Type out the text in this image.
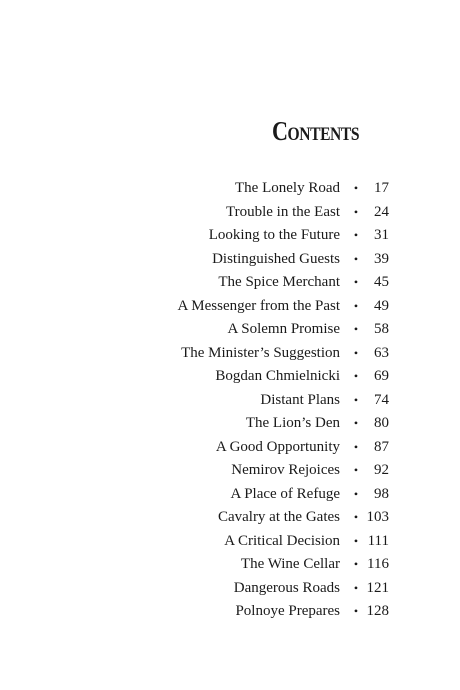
Contents
The Lonely Road • 17
Trouble in the East • 24
Looking to the Future • 31
Distinguished Guests • 39
The Spice Merchant • 45
A Messenger from the Past • 49
A Solemn Promise • 58
The Minister’s Suggestion • 63
Bogdan Chmielnicki • 69
Distant Plans • 74
The Lion’s Den • 80
A Good Opportunity • 87
Nemirov Rejoices • 92
A Place of Refuge • 98
Cavalry at the Gates • 103
A Critical Decision • 111
The Wine Cellar • 116
Dangerous Roads • 121
Polnoye Prepares • 128
